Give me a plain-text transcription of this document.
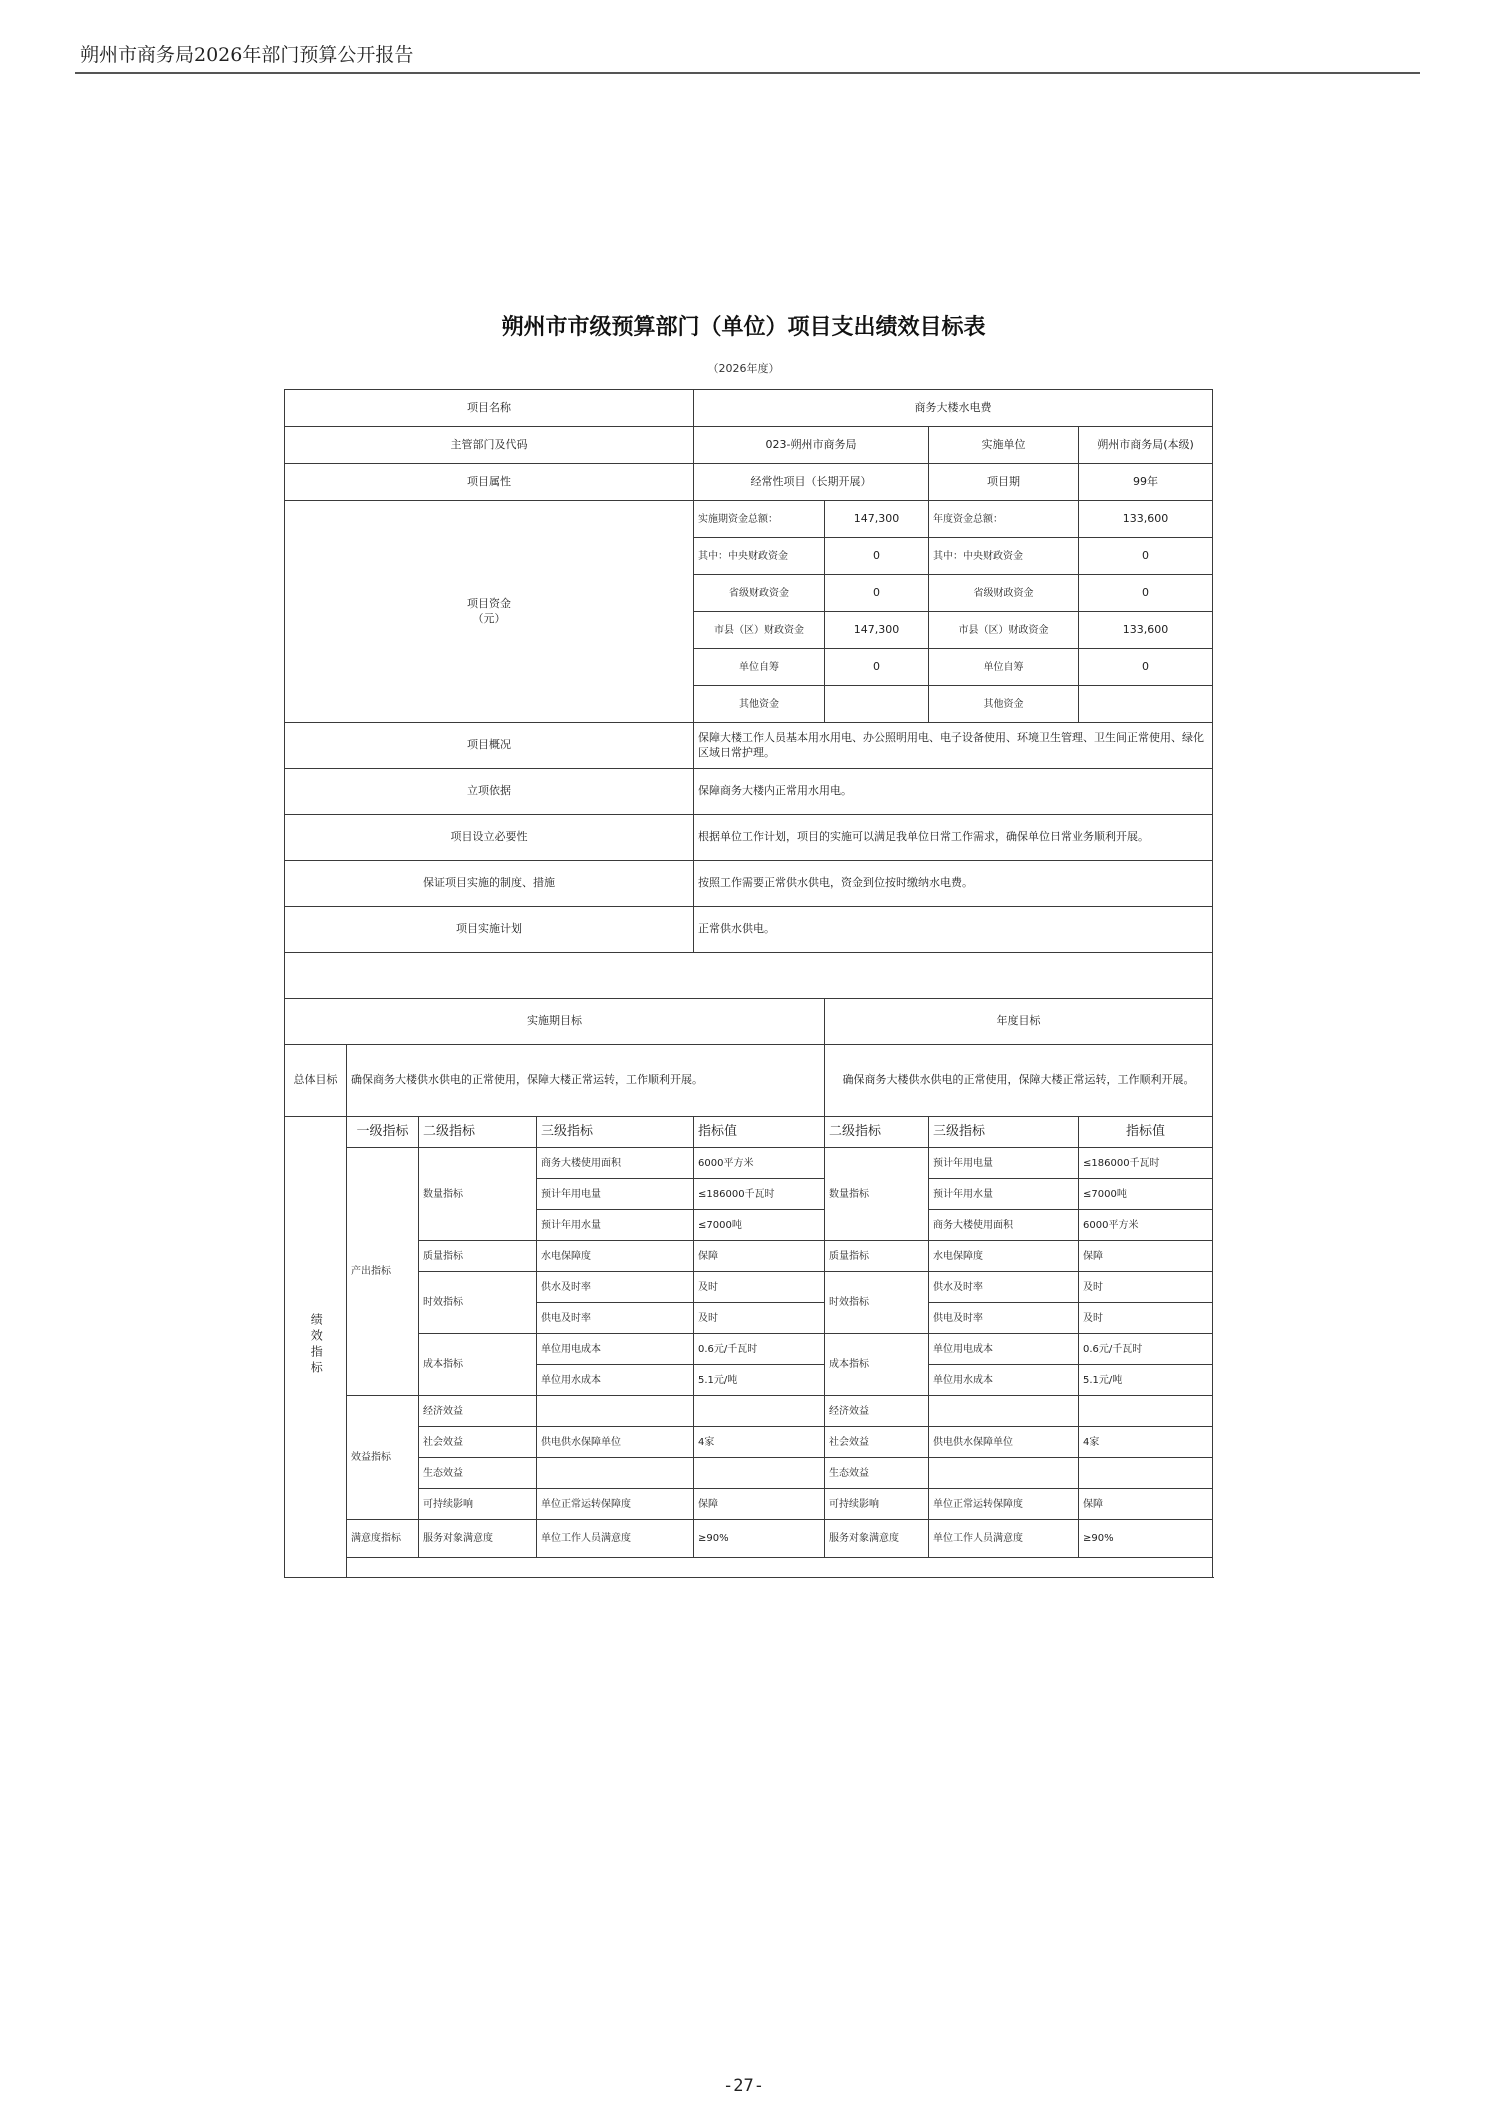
朔州市商务局2026年部门预算公开报告
朔州市市级预算部门（单位）项目支出绩效目标表
（2026年度）
项目名称				商务大楼水电费			
主管部门及代码				023-朔州市商务局		实施单位	朔州市商务局(本级)
项目属性				经常性项目（长期开展）		项目期	99年
项目资金
（元）				实施期资金总额：	147,300	年度资金总额：	133,600
				其中：中央财政资金	0	其中：中央财政资金	0
				省级财政资金	0	省级财政资金	0
				市县（区）财政资金	147,300	市县（区）财政资金	133,600
				单位自筹	0	单位自筹	0
				其他资金		其他资金	
项目概况				保障大楼工作人员基本用水用电、办公照明用电、电子设备使用、环境卫生管理、卫生间正常使用、绿化区域日常护理。			
立项依据				保障商务大楼内正常用水用电。			
项目设立必要性				根据单位工作计划，项目的实施可以满足我单位日常工作需求，确保单位日常业务顺利开展。			
保证项目实施的制度、措施				按照工作需要正常供水供电，资金到位按时缴纳水电费。			
项目实施计划				正常供水供电。			

实施期目标					年度目标		
总体目标	确保商务大楼供水供电的正常使用，保障大楼正常运转，工作顺利开展。				确保商务大楼供水供电的正常使用，保障大楼正常运转，工作顺利开展。		
绩效指标	一级指标	二级指标	三级指标	指标值	二级指标	三级指标	指标值
	产出指标	数量指标	商务大楼使用面积	6000平方米	数量指标	预计年用电量	≤186000千瓦时
			预计年用电量	≤186000千瓦时		预计年用水量	≤7000吨
			预计年用水量	≤7000吨		商务大楼使用面积	6000平方米
		质量指标	水电保障度	保障	质量指标	水电保障度	保障
		时效指标	供水及时率	及时	时效指标	供水及时率	及时
			供电及时率	及时		供电及时率	及时
		成本指标	单位用电成本	0.6元/千瓦时	成本指标	单位用电成本	0.6元/千瓦时
			单位用水成本	5.1元/吨		单位用水成本	5.1元/吨
	效益指标	经济效益			经济效益		
		社会效益	供电供水保障单位	4家	社会效益	供电供水保障单位	4家
		生态效益			生态效益		
		可持续影响	单位正常运转保障度	保障	可持续影响	单位正常运转保障度	保障
	满意度指标	服务对象满意度	单位工作人员满意度	≥90%	服务对象满意度	单位工作人员满意度	≥90%

-27-
